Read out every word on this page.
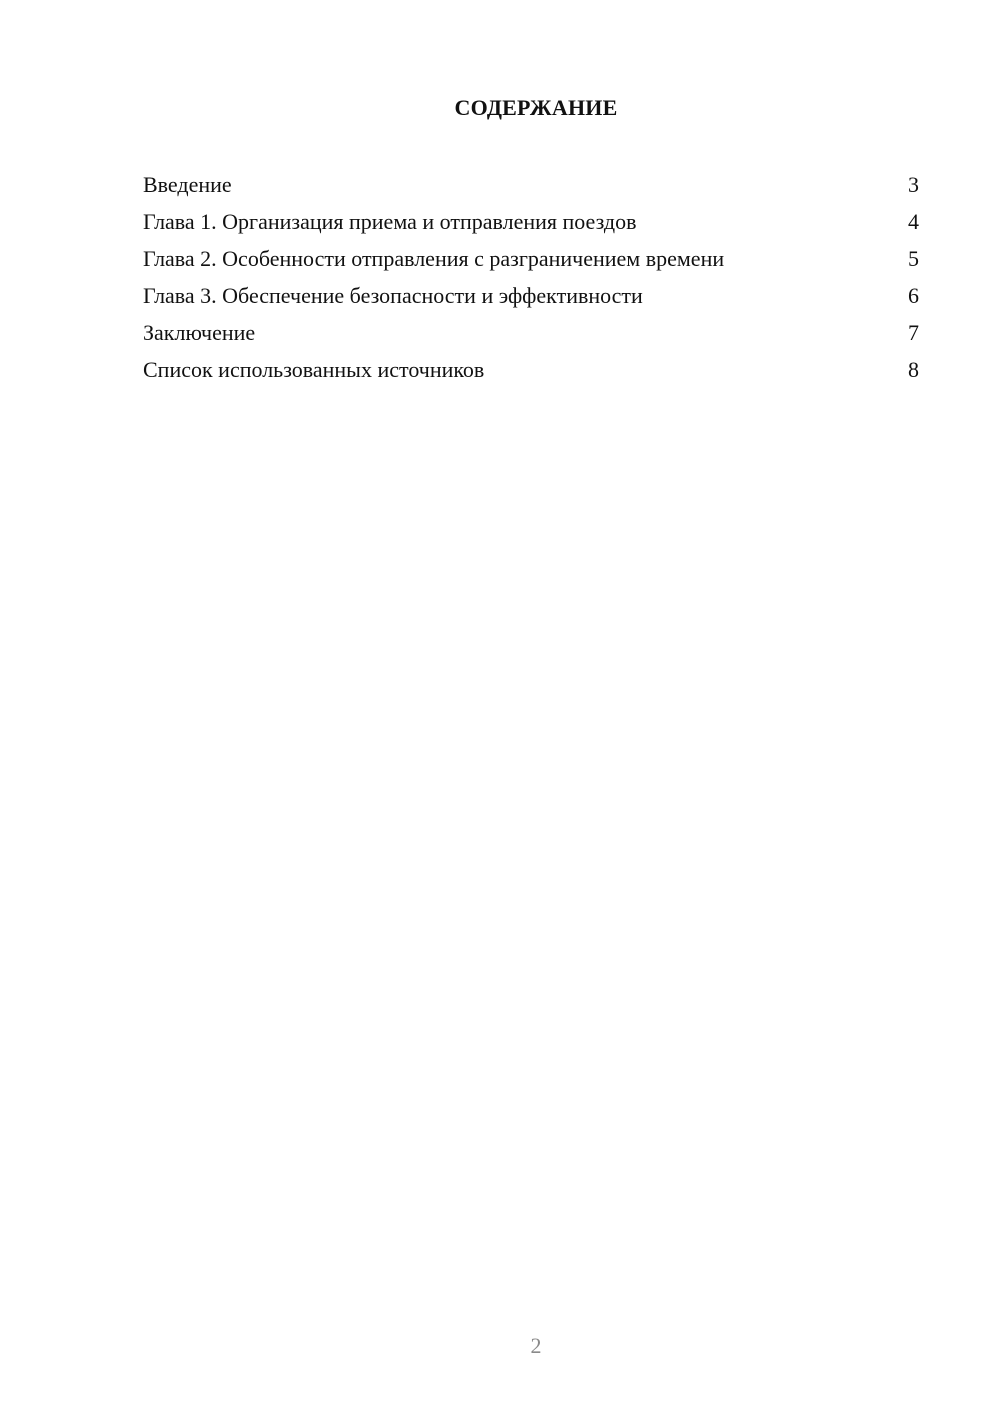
СОДЕРЖАНИЕ
Введение	3
Глава 1. Организация приема и отправления поездов	4
Глава 2. Особенности отправления с разграничением времени	5
Глава 3. Обеспечение безопасности и эффективности	6
Заключение	7
Список использованных источников	8
2
